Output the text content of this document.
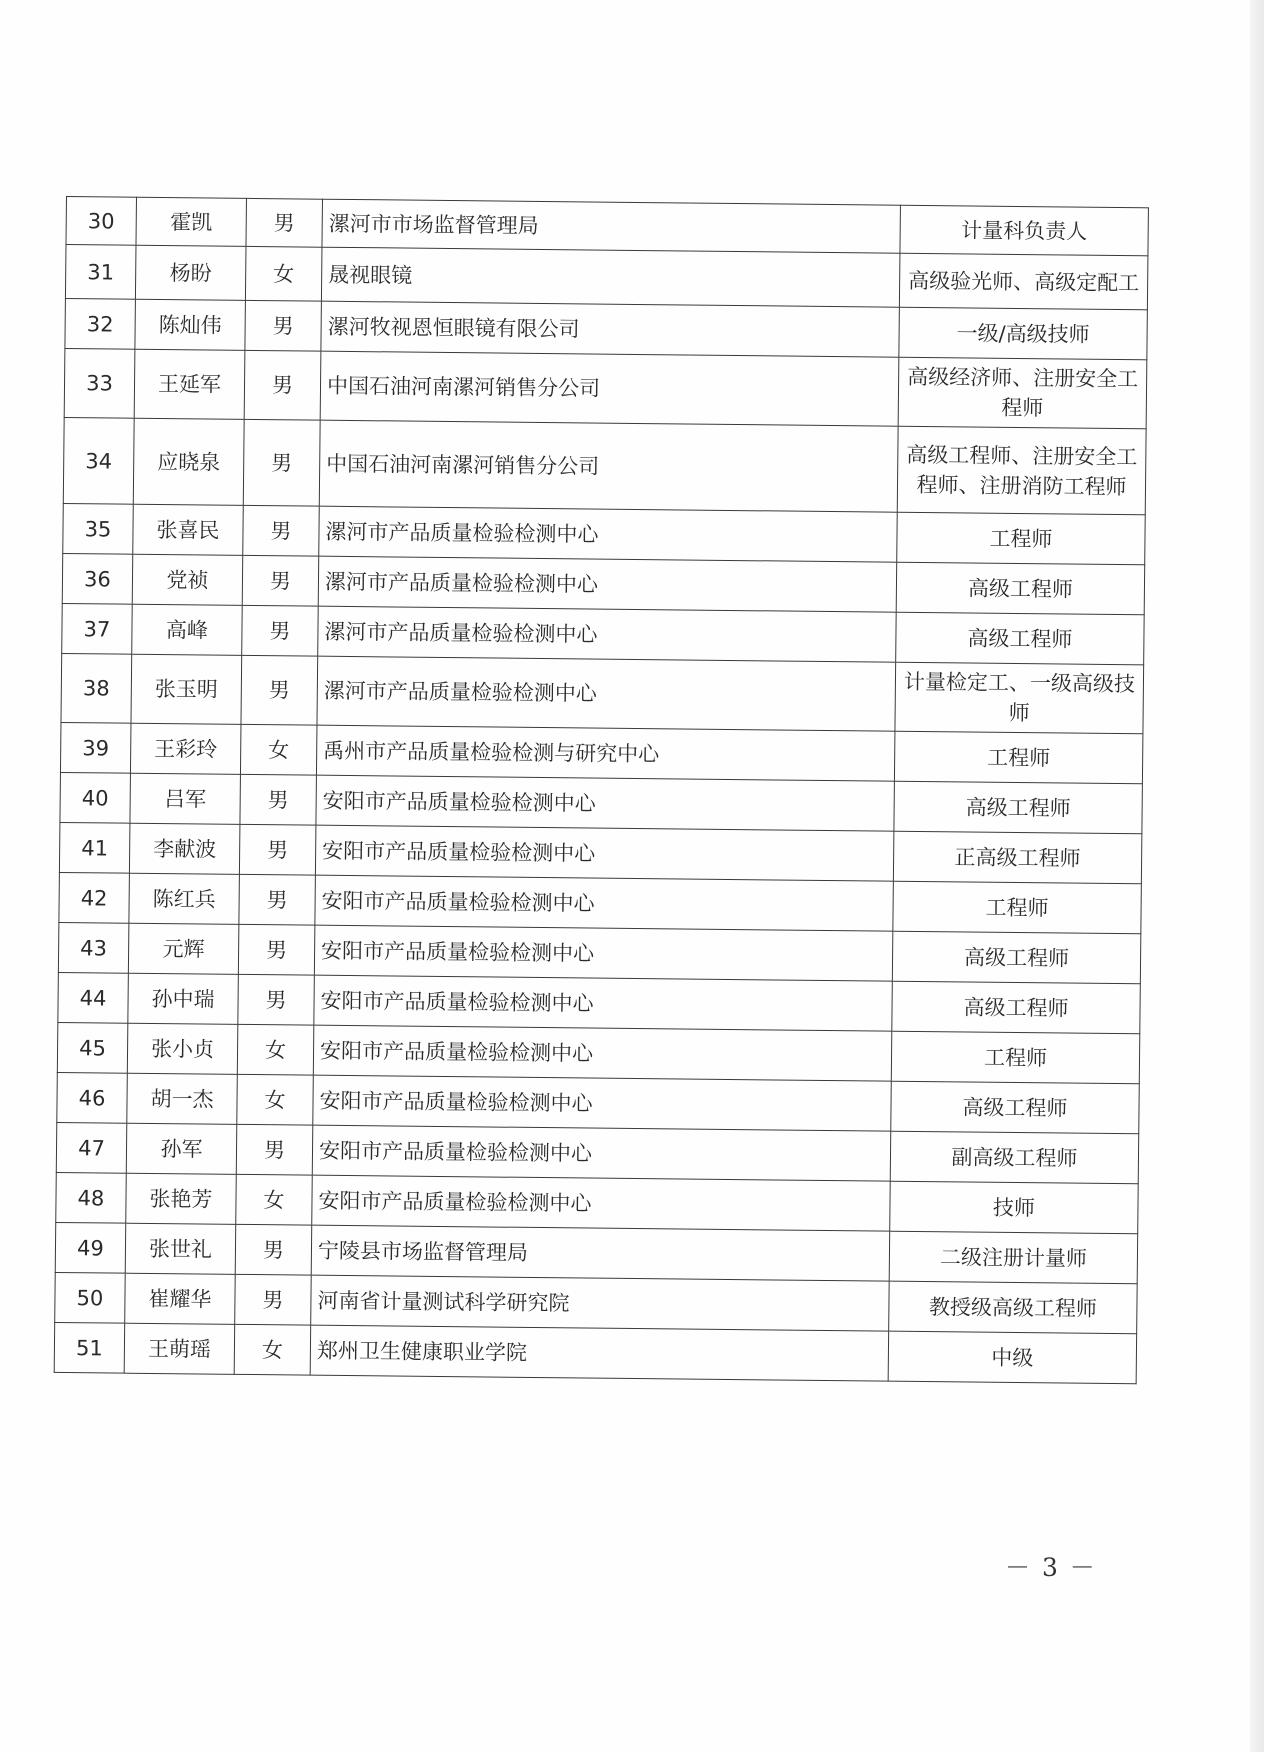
30	霍凯	男	漯河市市场监督管理局	计量科负责人
31	杨盼	女	晟视眼镜	高级验光师、高级定配工
32	陈灿伟	男	漯河牧视恩恒眼镜有限公司	一级/高级技师
33	王延军	男	中国石油河南漯河销售分公司	高级经济师、注册安全工程师
34	应晓泉	男	中国石油河南漯河销售分公司	高级工程师、注册安全工程师、注册消防工程师
35	张喜民	男	漯河市产品质量检验检测中心	工程师
36	党祯	男	漯河市产品质量检验检测中心	高级工程师
37	高峰	男	漯河市产品质量检验检测中心	高级工程师
38	张玉明	男	漯河市产品质量检验检测中心	计量检定工、一级高级技师
39	王彩玲	女	禹州市产品质量检验检测与研究中心	工程师
40	吕军	男	安阳市产品质量检验检测中心	高级工程师
41	李献波	男	安阳市产品质量检验检测中心	正高级工程师
42	陈红兵	男	安阳市产品质量检验检测中心	工程师
43	元辉	男	安阳市产品质量检验检测中心	高级工程师
44	孙中瑞	男	安阳市产品质量检验检测中心	高级工程师
45	张小贞	女	安阳市产品质量检验检测中心	工程师
46	胡一杰	女	安阳市产品质量检验检测中心	高级工程师
47	孙军	男	安阳市产品质量检验检测中心	副高级工程师
48	张艳芳	女	安阳市产品质量检验检测中心	技师
49	张世礼	男	宁陵县市场监督管理局	二级注册计量师
50	崔耀华	男	河南省计量测试科学研究院	教授级高级工程师
51	王萌瑶	女	郑州卫生健康职业学院	中级
－ 3 －
